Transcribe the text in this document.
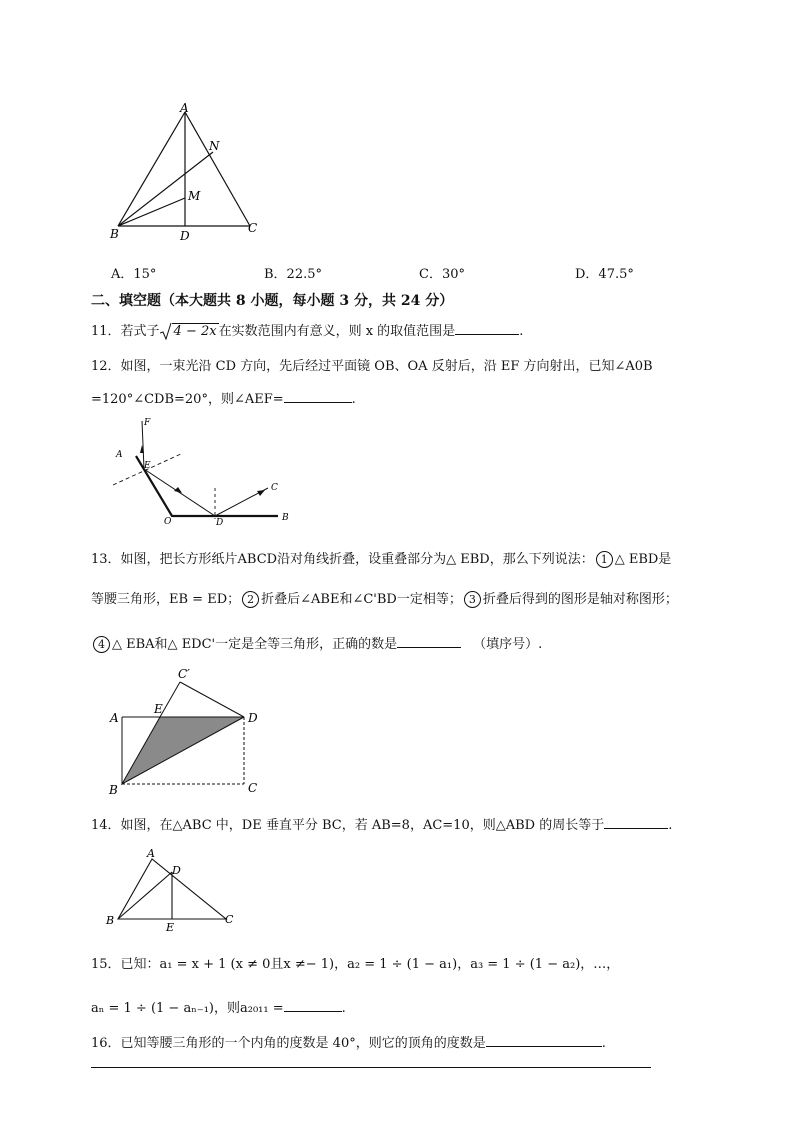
A
N
M
B	D
C
A．15°	B．22.5°	C．30°	D．47.5°
二、填空题（本大题共 8 小题，每小题 3 分，共 24 分）
11．若式子 4 − 2x 在实数范围内有意义，则 x 的取值范围是	.
12．如图，一束光沿 CD 方向，先后经过平面镜 OB、OA 反射后，沿 EF 方向射出，已知∠A0B
=120°∠CDB=20°，则∠AEF=	.
F
A
E
C
O	D	B
13．如图，把长方形纸片ABCD沿对角线折叠，设重叠部分为△ EBD，那么下列说法： 1 △ EBD是
等腰三角形，EB = ED； 2 折叠后∠ABE和∠C'BD一定相等； 3 折叠后得到的图形是轴对称图形；
4 △ EBA和△ EDC'一定是全等三角形，正确的数是	（填序号）.
C′
A
E
D
B	C
14．如图，在△ABC 中，DE 垂直平分 BC，若 AB=8，AC=10，则△ABD 的周长等于	.
A
D
B
E
C
15．已知：a₁ = x + 1 (x ≠ 0且x ≠− 1)，a₂ = 1 ÷ (1 − a₁)，a₃ = 1 ÷ (1 − a₂)，…，
aₙ = 1 ÷ (1 − aₙ₋₁)，则a₂₀₁₁ =	.
16．已知等腰三角形的一个内角的度数是 40°，则它的顶角的度数是	.
